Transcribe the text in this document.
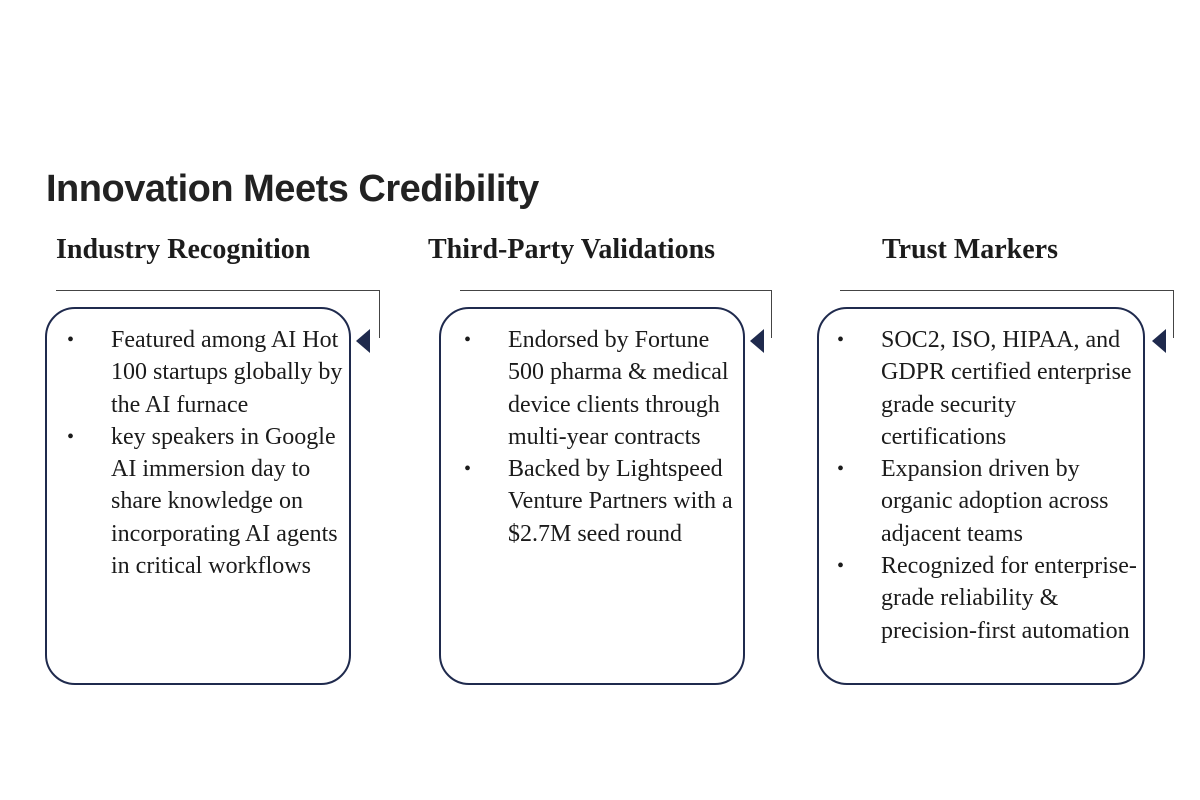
Innovation Meets Credibility
Industry Recognition
•	Featured among AI Hot 100 startups globally by the AI furnace
•	key speakers in Google AI immersion day to share knowledge on incorporating AI agents in critical workflows
Third-Party Validations
•	Endorsed by Fortune 500 pharma & medical device clients through multi-year contracts
•	Backed by Lightspeed Venture Partners with a $2.7M seed round
Trust Markers
•	SOC2, ISO, HIPAA, and GDPR certified enterprise grade security certifications
•	Expansion driven by organic adoption across adjacent teams
•	Recognized for enterprise-grade reliability & precision-first automation
